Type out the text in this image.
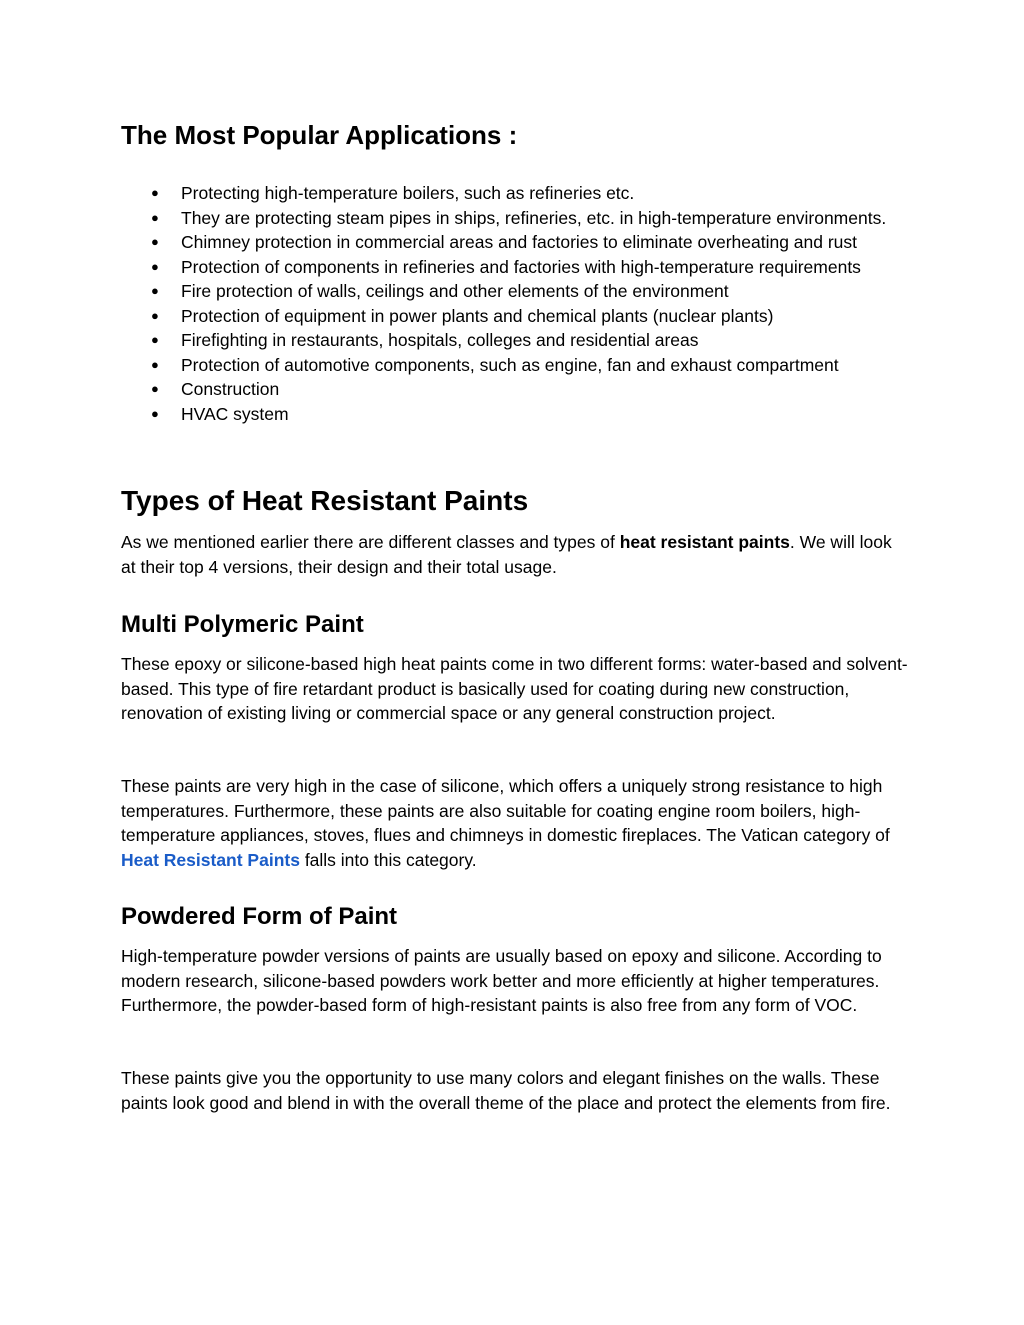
The Most Popular Applications :
● Protecting high-temperature boilers, such as refineries etc.
● They are protecting steam pipes in ships, refineries, etc. in high-temperature environments.
● Chimney protection in commercial areas and factories to eliminate overheating and rust
● Protection of components in refineries and factories with high-temperature requirements
● Fire protection of walls, ceilings and other elements of the environment
● Protection of equipment in power plants and chemical plants (nuclear plants)
● Firefighting in restaurants, hospitals, colleges and residential areas
● Protection of automotive components, such as engine, fan and exhaust compartment
● Construction
● HVAC system
Types of Heat Resistant Paints

As we mentioned earlier there are different classes and types of heat resistant paints. We will look at their top 4 versions, their design and their total usage.

Multi Polymeric Paint

These epoxy or silicone-based high heat paints come in two different forms: water-based and solvent-based. This type of fire retardant product is basically used for coating during new construction, renovation of existing living or commercial space or any general construction project.

These paints are very high in the case of silicone, which offers a uniquely strong resistance to high temperatures. Furthermore, these paints are also suitable for coating engine room boilers, high-temperature appliances, stoves, flues and chimneys in domestic fireplaces. The Vatican category of Heat Resistant Paints falls into this category.

Powdered Form of Paint

High-temperature powder versions of paints are usually based on epoxy and silicone. According to modern research, silicone-based powders work better and more efficiently at higher temperatures. Furthermore, the powder-based form of high-resistant paints is also free from any form of VOC.

These paints give you the opportunity to use many colors and elegant finishes on the walls. These paints look good and blend in with the overall theme of the place and protect the elements from fire.
